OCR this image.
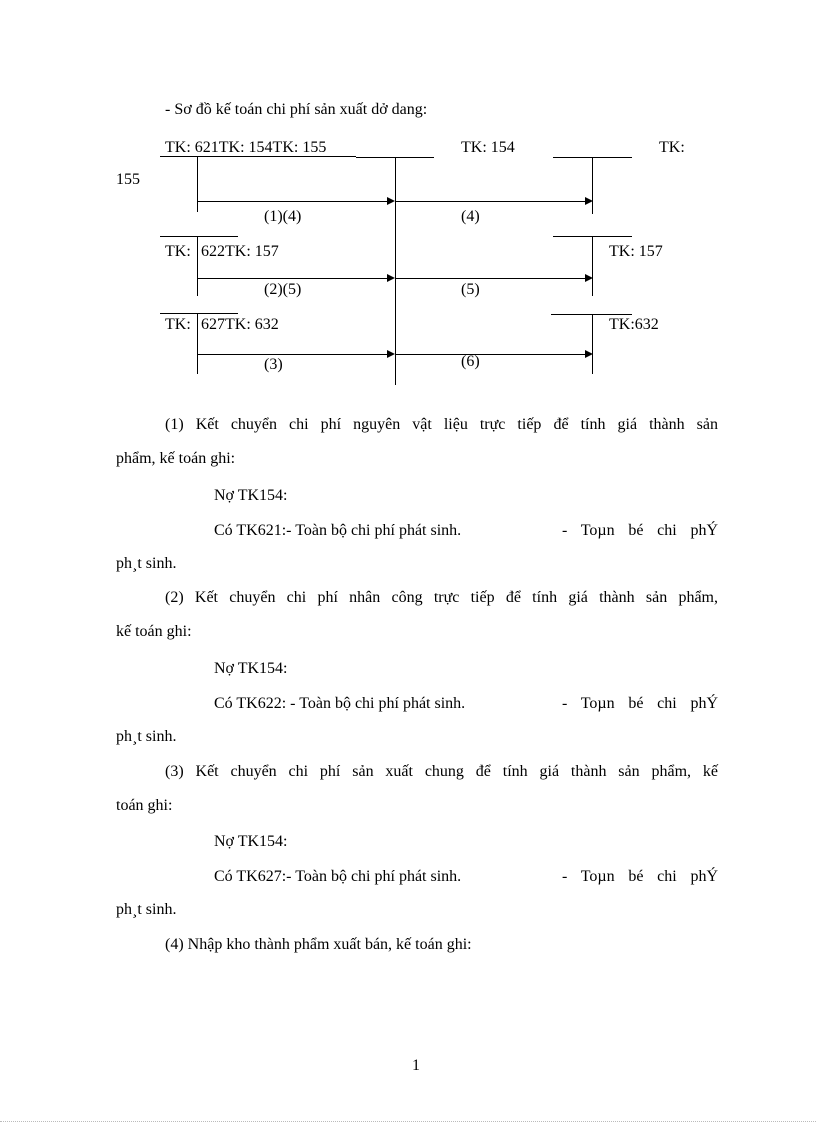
- Sơ đồ kế toán chi phí sản xuất dở dang:
TK: 621TK: 154TK: 155	TK: 154	TK:
155
(1)(4)	(4)
TK: 622TK: 157	TK: 157
(2)(5)	(5)
TK: 627TK: 632	TK:632
(3)	(6)
(1) Kết chuyển chi phí nguyên vật liệu trực tiếp để tính giá thành sản
phẩm, kế toán ghi:
Nợ TK154:
Có TK621:- Toàn bộ chi phí phát sinh.	- Toµn bé chi phÝ
ph¸t sinh.
(2) Kết chuyển chi phí nhân công trực tiếp để tính giá thành sản phẩm,
kế toán ghi:
Nợ TK154:
Có TK622: - Toàn bộ chi phí phát sinh.	- Toµn bé chi phÝ
ph¸t sinh.
(3) Kết chuyển chi phí sản xuất chung để tính giá thành sản phẩm, kế
toán ghi:
Nợ TK154:
Có TK627:- Toàn bộ chi phí phát sinh.	- Toµn bé chi phÝ
ph¸t sinh.
(4) Nhập kho thành phẩm xuất bán, kế toán ghi:
1
